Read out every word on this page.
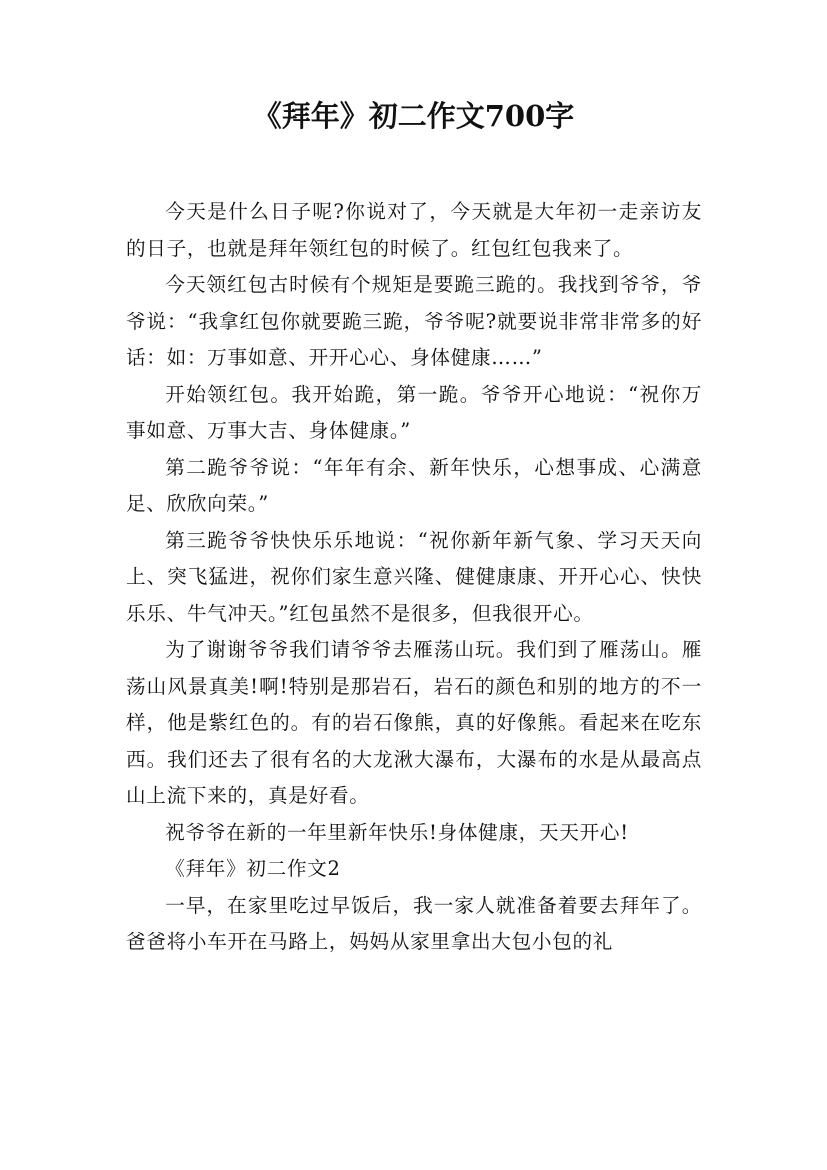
《拜年》初二作文700字

今天是什么日子呢?你说对了，今天就是大年初一走亲访友的日子，也就是拜年领红包的时候了。红包红包我来了。

今天领红包古时候有个规矩是要跪三跪的。我找到爷爷，爷爷说：“我拿红包你就要跪三跪，爷爷呢?就要说非常非常多的好话：如：万事如意、开开心心、身体健康……”

开始领红包。我开始跪，第一跪。爷爷开心地说：“祝你万事如意、万事大吉、身体健康。”

第二跪爷爷说：“年年有余、新年快乐，心想事成、心满意足、欣欣向荣。”

第三跪爷爷快快乐乐地说：“祝你新年新气象、学习天天向上、突飞猛进，祝你们家生意兴隆、健健康康、开开心心、快快乐乐、牛气冲天。”红包虽然不是很多，但我很开心。

为了谢谢爷爷我们请爷爷去雁荡山玩。我们到了雁荡山。雁荡山风景真美!啊!特别是那岩石，岩石的颜色和别的地方的不一样，他是紫红色的。有的岩石像熊，真的好像熊。看起来在吃东西。我们还去了很有名的大龙湫大瀑布，大瀑布的水是从最高点山上流下来的，真是好看。

祝爷爷在新的一年里新年快乐!身体健康，天天开心!

《拜年》初二作文2

一早，在家里吃过早饭后，我一家人就准备着要去拜年了。爸爸将小车开在马路上，妈妈从家里拿出大包小包的礼
